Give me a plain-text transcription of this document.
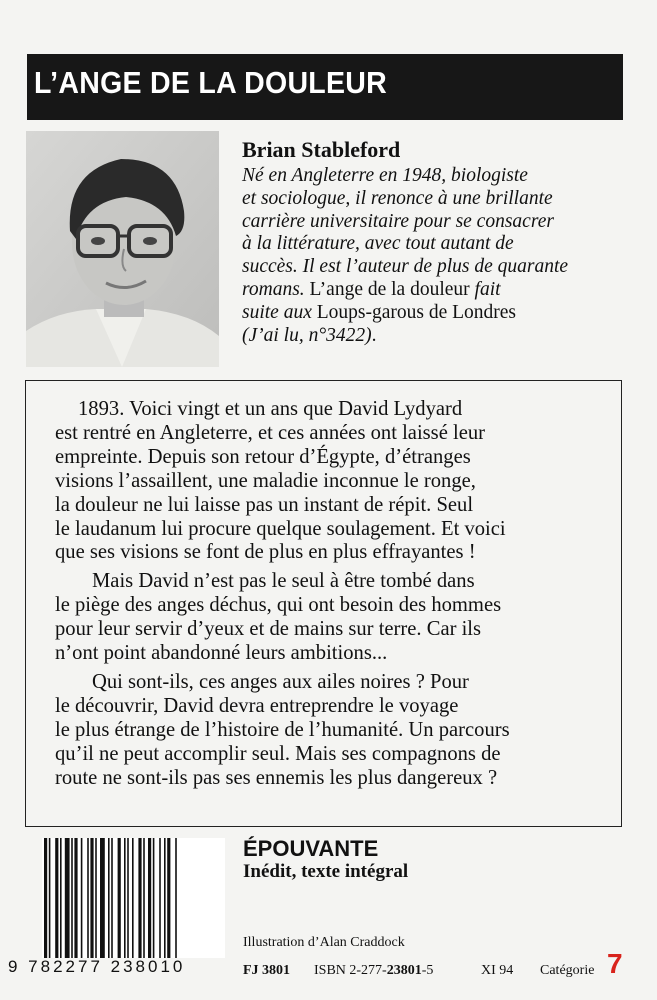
L’ANGE DE LA DOULEUR
Brian Stableford
Né en Angleterre en 1948, biologiste
et sociologue, il renonce à une brillante
carrière universitaire pour se consacrer
à la littérature, avec tout autant de
succès. Il est l’auteur de plus de quarante
romans. L’ange de la douleur fait
suite aux Loups-garous de Londres
(J’ai lu, n°3422).
1893. Voici vingt et un ans que David Lydyard
est rentré en Angleterre, et ces années ont laissé leur
empreinte. Depuis son retour d’Égypte, d’étranges
visions l’assaillent, une maladie inconnue le ronge,
la douleur ne lui laisse pas un instant de répit. Seul
le laudanum lui procure quelque soulagement. Et voici
que ses visions se font de plus en plus effrayantes !
Mais David n’est pas le seul à être tombé dans
le piège des anges déchus, qui ont besoin des hommes
pour leur servir d’yeux et de mains sur terre. Car ils
n’ont point abandonné leurs ambitions...
Qui sont-ils, ces anges aux ailes noires ? Pour
le découvrir, David devra entreprendre le voyage
le plus étrange de l’histoire de l’humanité. Un parcours
qu’il ne peut accomplir seul. Mais ses compagnons de
route ne sont-ils pas ses ennemis les plus dangereux ?
9 782277 238010
ÉPOUVANTE
Inédit, texte intégral
Illustration d’Alan Craddock
FJ 3801 ISBN 2-277-23801-5	XI 94 Catégorie 7
